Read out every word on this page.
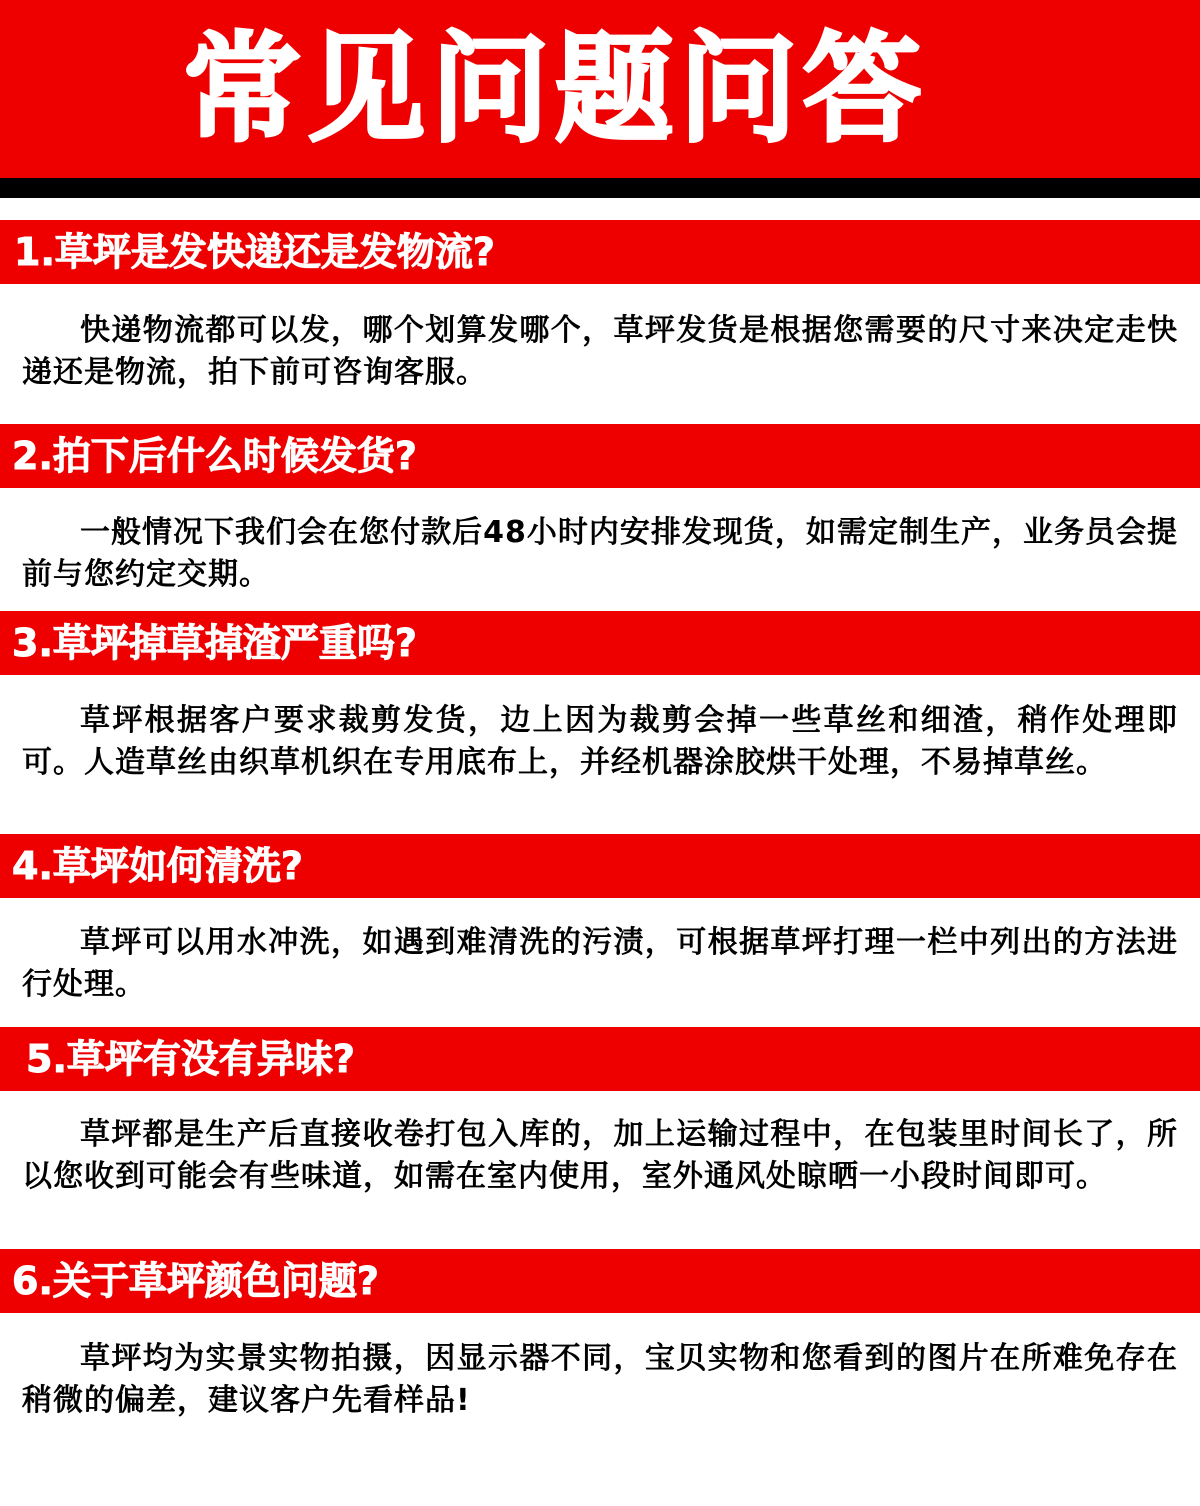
常见问题问答
1.草坪是发快递还是发物流?

快递物流都可以发，哪个划算发哪个，草坪发货是根据您需要的尺寸来决定走快递还是物流，拍下前可咨询客服。

2.拍下后什么时候发货?

一般情况下我们会在您付款后48小时内安排发现货，如需定制生产，业务员会提前与您约定交期。

3.草坪掉草掉渣严重吗?

草坪根据客户要求裁剪发货，边上因为裁剪会掉一些草丝和细渣，稍作处理即可。人造草丝由织草机织在专用底布上，并经机器涂胶烘干处理，不易掉草丝。

4.草坪如何清洗?

草坪可以用水冲洗，如遇到难清洗的污渍，可根据草坪打理一栏中列出的方法进行处理。

5.草坪有没有异味?

草坪都是生产后直接收卷打包入库的，加上运输过程中，在包装里时间长了，所以您收到可能会有些味道，如需在室内使用，室外通风处晾晒一小段时间即可。

6.关于草坪颜色问题?

草坪均为实景实物拍摄，因显示器不同，宝贝实物和您看到的图片在所难免存在稍微的偏差，建议客户先看样品!
